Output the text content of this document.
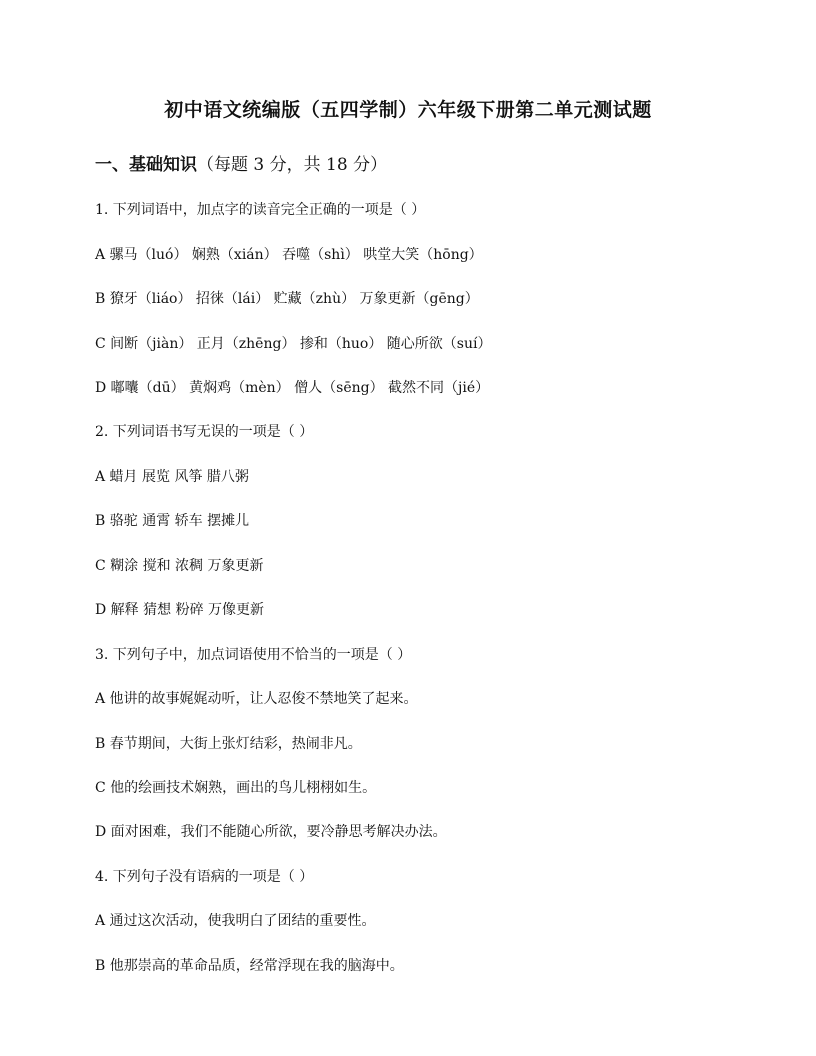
初中语文统编版（五四学制）六年级下册第二单元测试题
一、基础知识（每题 3 分，共 18 分）
1. 下列词语中，加点字的读音完全正确的一项是（ ）
A 骡马（luó） 娴熟（xián） 吞噬（shì） 哄堂大笑（hōng）
B 獠牙（liáo） 招徕（lái） 贮藏（zhù） 万象更新（gēng）
C 间断（jiàn） 正月（zhēng） 掺和（huo） 随心所欲（suí）
D 嘟囔（dū） 黄焖鸡（mèn） 僧人（sēng） 截然不同（jié）
2. 下列词语书写无误的一项是（ ）
A 蜡月 展览 风筝 腊八粥
B 骆驼 通霄 轿车 摆摊儿
C 糊涂 搅和 浓稠 万象更新
D 解释 猜想 粉碎 万像更新
3. 下列句子中，加点词语使用不恰当的一项是（ ）
A 他讲的故事娓娓动听，让人忍俊不禁地笑了起来。
B 春节期间，大街上张灯结彩，热闹非凡。
C 他的绘画技术娴熟，画出的鸟儿栩栩如生。
D 面对困难，我们不能随心所欲，要冷静思考解决办法。
4. 下列句子没有语病的一项是（ ）
A 通过这次活动，使我明白了团结的重要性。
B 他那崇高的革命品质，经常浮现在我的脑海中。
